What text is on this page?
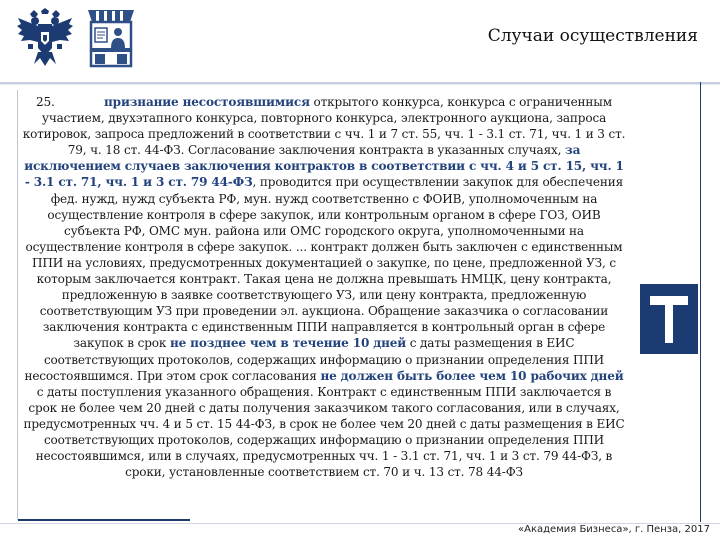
Случаи осуществления

25.	признание несостоявшимися открытого конкурса, конкурса с ограниченным участием, двухэтапного конкурса, повторного конкурса, электронного аукциона, запроса котировок, запроса предложений в соответствии с чч. 1 и 7 ст. 55, чч. 1 - 3.1 ст. 71, чч. 1 и 3 ст. 79, ч. 18 ст. 44-ФЗ. Согласование заключения контракта в указанных случаях, за исключением случаев заключения контрактов в соответствии с чч. 4 и 5 ст. 15, чч. 1 - 3.1 ст. 71, чч. 1 и 3 ст. 79 44-ФЗ, проводится при осуществлении закупок для обеспечения фед. нужд, нужд субъекта РФ, мун. нужд соответственно с ФОИВ, уполномоченным на осуществление контроля в сфере закупок, или контрольным органом в сфере ГОЗ, ОИВ субъекта РФ, ОМС мун. района или ОМС городского округа, уполномоченными на осуществление контроля в сфере закупок. ... контракт должен быть заключен с единственным ППИ на условиях, предусмотренных документацией о закупке, по цене, предложенной УЗ, с которым заключается контракт. Такая цена не должна превышать НМЦК, цену контракта, предложенную в заявке соответствующего УЗ, или цену контракта, предложенную соответствующим УЗ при проведении эл. аукциона. Обращение заказчика о согласовании заключения контракта с единственным ППИ направляется в контрольный орган в сфере закупок в срок не позднее чем в течение 10 дней с даты размещения в ЕИС соответствующих протоколов, содержащих информацию о признании определения ППИ несостоявшимся. При этом срок согласования не должен быть более чем 10 рабочих дней с даты поступления указанного обращения. Контракт с единственным ППИ заключается в срок не более чем 20 дней с даты получения заказчиком такого согласования, или в случаях, предусмотренных чч. 4 и 5 ст. 15 44-ФЗ, в срок не более чем 20 дней с даты размещения в ЕИС соответствующих протоколов, содержащих информацию о признании определения ППИ несостоявшимся, или в случаях, предусмотренных чч. 1 - 3.1 ст. 71, чч. 1 и 3 ст. 79 44-ФЗ, в сроки, установленные соответствием ст. 70 и ч. 13 ст. 78 44-ФЗ

«Академия Бизнеса», г. Пенза, 2017
